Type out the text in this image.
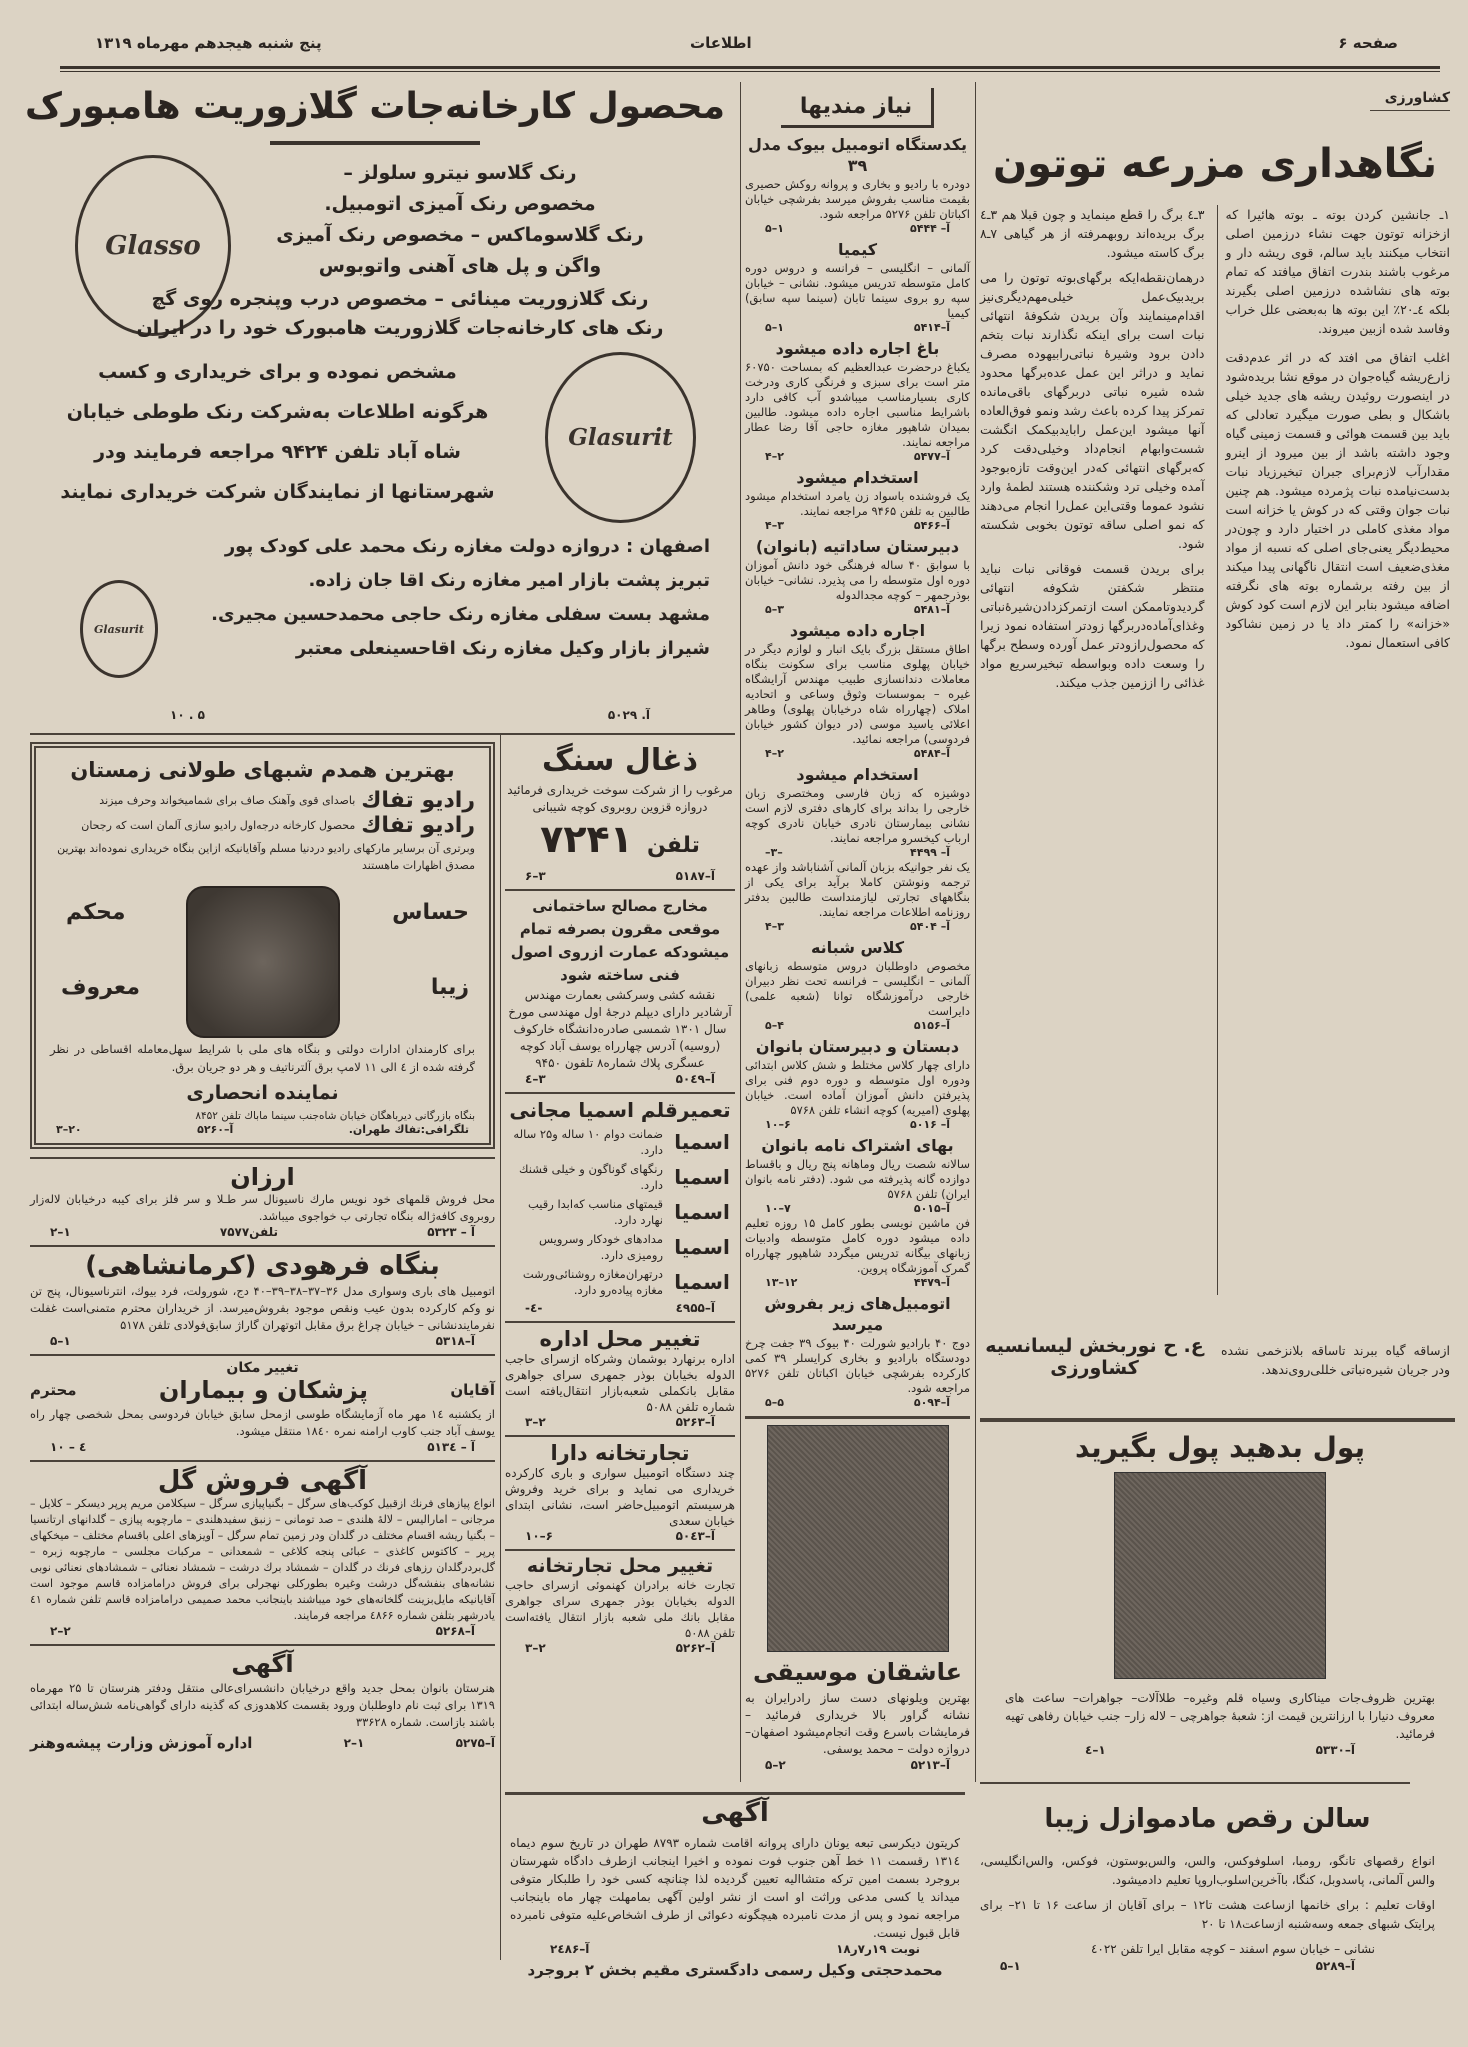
صفحه ۶
اطلاعات
پنج شنبه هیجدهم مهرماه ۱۳۱۹
کشاورزی
نگاهداری مزرعه توتون

۱ـ جانشین کردن بوته ـ بوته هائیرا که ازخزانه توتون جهت نشاء درزمین اصلی انتخاب میکنند باید سالم، قوی ریشه دار و مرغوب باشند بندرت اتفاق میافتد که تمام بوته های نشاشده درزمین اصلی بگیرند بلکه ٤ـ۲۰٪ این بوته ها به‌بعضی علل خراب وفاسد شده ازبین میروند.

اغلب اتفاق می افتد که در اثر عدم‌دقت زارع‌ریشه گیاه‌جوان در موقع نشا بریده‌شود در اینصورت روئیدن ریشه های جدید خیلی باشکال و بطی صورت میگیرد تعادلی که باید بین قسمت هوائی و قسمت زمینی گیاه وجود داشته باشد از بین میرود از اینرو مقدارآب لازم‌برای جبران تبخیرزیاد نبات بدست‌نیامده نبات پژمرده میشود. هم چنین نبات جوان وقتی که در کوش یا خزانه است مواد مغذی کاملی در اختیار دارد و چون‌در محیط‌دیگر یعنی‌جای اصلی که نسبه از مواد مغذی‌ضعیف است انتقال ناگهانی پیدا میکند از بین رفته برشماره بوته های نگرفته اضافه میشود بنابر این لازم است کود کوش «خزانه» را کمتر داد یا در زمین نشاکود کافی استعمال نمود.

۳ـ٤ برگ را قطع مینماید و چون قبلا هم ۳ـ٤ برگ بریده‌اند روبهمرفته از هر گیاهی ۷ـ۸ برگ کاسته میشود.

درهمان‌نقطه‌ایکه برگهای‌بوته توتون را می بریدبیک‌عمل خیلی‌مهم‌دیگری‌نیز اقدام‌مینمایند وآن بریدن شکوفهٔ انتهائی نبات است برای اینکه نگذارند نبات بتخم دادن برود وشیرهٔ نباتی‌رابیهوده مصرف نماید و دراثر این عمل عده‌برگها محدود شده شیره نباتی دربرگهای باقی‌مانده تمرکز پیدا کرده باعث رشد ونمو فوق‌العاده آنها میشود این‌عمل رابایدبیکمک انگشت شست‌وابهام انجام‌داد وخیلی‌دقت کرد که‌برگهای انتهائی که‌در این‌وقت تازه‌بوجود آمده وخیلی ترد وشکننده هستند لطمهٔ وارد نشود عموما وقتی‌این عمل‌را انجام می‌دهند که نمو اصلی ساقه توتون بخوبی شکسته شود.

برای بریدن قسمت فوقانی نبات نباید منتظر شکفتن شکوفه انتهائی گردیدوتاممکن است ازتمرکزدادن‌شیرهٔ‌نباتی وغذای‌آماده‌دربرگها زودتر استفاده نمود زیرا که محصول‌رازودتر عمل آورده وسطح برگها را وسعت داده وبواسطه تبخیرسریع مواد غذائی را اززمین جذب میکند.

ازساقه گیاه ببرند تاساقه بلانزخمی نشده ودر جریان شیره‌نباتی خللی‌روی‌ندهد.
ع. ح نوربخش لیسانسیه کشاورزی
پول بدهید پول بگیرید
بهترین ظروف‌جات میناکاری وسیاه قلم وغیره– طلاآلات– جواهرات– ساعت های معروف دنیارا با ارزانترین قیمت از: شعبهٔ جواهرچی – لاله زار– جنب خیابان رفاهی تهیه فرمائید.
آ–۵۳۳۰
۱–٤
سالن رقص مادموازل زیبا
انواع رقصهای تانگو، رومبا، اسلوفوکس، والس، والس‌بوستون، فوکس، والس‌انگلیسی، والس آلمانی، پاسدوبل، کنگا، باآخرین‌اسلوب‌اروپا تعلیم دادمیشود.
اوقات تعلیم : برای خانمها ازساعت هشت تا۱۲ – برای آقایان از ساعت ۱۶ تا ۲۱– برای پرایتک شبهای جمعه وسه‌شنبه ازساعت۱۸ تا ۲۰
نشانی – خیابان سوم اسفند – کوچه مقابل ایرا تلفن ٤۰۲۲
آ–۵۲۸۹
۱–۵
نیاز مندیها
یکدستگاه اتومبیل بیوک مدل ۳۹
دودره با رادیو و بخاری و پروانه روکش حصیری بقیمت مناسب بفروش میرسد بفرشچی خیابان اکباتان تلفن ۵۲۷۶ مراجعه شود.
آ– ۵۴۴۴
۱–۵
کیمیا
آلمانی – انگلیسی – فرانسه و دروس دوره کامل متوسطه تدریس میشود. نشانی – خیابان سپه رو بروی سینما تابان (سینما سپه سابق) کیمیا
آ–۵۴۱۴
۱–۵
باغ اجاره داده میشود
یکباغ درحضرت عبدالعظیم که بمساحت ۶۰۷۵۰ متر است برای سبزی و فرنگی کاری ودرخت کاری بسیارمناسب میباشدو آب کافی دارد باشرایط مناسبی اجاره داده میشود. طالبین بمیدان شاهپور مغازه حاجی آقا رضا عطار مراجعه نمایند.
آ–۵۴۷۷
۲–۴
استخدام میشود
یک فروشنده باسواد زن یامرد استخدام میشود طالبین به تلفن ۹۴۶۵ مراجعه نمایند.
آ–۵۴۶۶
۳–۴
دبیرستان ساداتیه (بانوان)
با سوابق ۴۰ ساله فرهنگی خود دانش آموزان دوره اول متوسطه را می پذیرد. نشانی– خیابان بوذرجمهر – کوچه مجدالدوله
آ–۵۴۸۱
۳–۵
اجاره داده میشود
اطاق مستقل بزرگ بایک انبار و لوازم دیگر در خیابان پهلوی مناسب برای سکونت بنگاه معاملات دندانسازی طبیب مهندس آرایشگاه غیره – بموسسات وثوق وساعی و اتحادیه املاک (چهارراه شاه درخیابان پهلوی) وطاهر اعلائی یاسید موسی (در دیوان کشور خیابان فردوسی) مراجعه نمائید.
آ–۵۴۸۴
۲–۴
استخدام میشود
دوشیزه که زبان فارسی ومختصری زبان خارجی را بداند برای کارهای دفتری لازم است نشانی بیمارستان نادری خیابان نادری کوچه ارباب کیخسرو مراجعه نمایند.
آ– ۴۴۹۹
–۳–
یک نفر جوانیکه بزبان آلمانی آشناباشد واز عهده ترجمه ونوشتن کاملا برآید برای یکی از بنگاههای تجارتی لیازمنداست طالبین بدفتر روزنامه اطلاعات مراجعه نمایند.
آ– ۵۴۰۴
۳–۴
کلاس شبانه
مخصوص داوطلبان دروس متوسطه زبانهای آلمانی – انگلیسی – فرانسه تحت نظر دبیران خارجی درآموزشگاه توانا (شعبه علمی) دایراست
آ–۵۱۵۶
۴–۵
دبستان و دبیرستان بانوان
دارای چهار کلاس مختلط و شش کلاس ابتدائی ودوره اول متوسطه و دوره دوم فنی برای پذیرفتن دانش آموزان آماده است. خیابان پهلوی (امیریه) کوچه انشاء تلفن ۵۷۶۸
آ– ۵۰۱۶
۶–۱۰
بهای اشتراک نامه بانوان
سالانه شصت ریال وماهانه پنج ریال و باقساط دوازده گانه پذیرفته می شود. (دفتر نامه بانوان ایران) تلفن ۵۷۶۸
آ–۵۰۱۵
۷–۱۰
فن ماشین نویسی بطور کامل ۱۵ روزه تعلیم داده میشود دوره کامل متوسطه وادبیات زبانهای بیگانه تدریس میگردد شاهپور چهارراه گمرک آموزشگاه پروین.
آ–۴۴۷۹
۱۲–۱۳
اتومبیل‌های زیر بفروش میرسد
دوج ۴۰ بارادیو شورلت ۴۰ بیوک ۳۹ جفت چرخ دودستگاه بارادیو و بخاری کرایسلر ۳۹ کمی کارکرده بفرشچی خیابان اکباتان تلفن ۵۲۷۶ مراجعه شود.
آ–۵۰۹۴
۵–۵
عاشقان موسیقی
بهترین ویلونهای دست ساز رادرایران به نشانه گراور بالا خریداری فرمائید – فرمایشات باسرع وقت انجام‌میشود اصفهان– دروازه دولت – محمد یوسفی.
آ–۵۲۱۳
۲–۵
آگهی
کریتون دیکرسی تبعه یونان دارای پروانه اقامت شماره ۸۷۹۳ طهران در تاریخ سوم دیماه ۱۳۱٤ رقسمت ۱۱ خط آهن جنوب فوت نموده و اخیرا اینجانب ازطرف دادگاه شهرستان بروجرد بسمت امین ترکه متشاالیه تعیین گردیده لذا چنانچه کسی خود را طلبکار متوفی میداند یا کسی مدعی وراثت او است از نشر اولین آگهی بمامهلت چهار ماه باینجانب مراجعه نمود و پس از مدت نامبرده هیچگونه دعوائی از طرف اشخاص‌علیه متوفی نامبرده قابل قبول نیست.
نوبت ۱۹ر۷ر۱۸
آ–۲٤۸۶
محمدحجتی وکیل رسمی دادگستری مقیم بخش ۲ بروجرد
محصول کارخانه‌جات گلازوریت هامبورک
Glasso
Glasurit
Glasurit
رنک گلاسو نیترو سلولز –
مخصوص رنک آمیزی اتومبیل.
رنک گلاسوماکس – مخصوص رنک آمیزی
واگن و پل های آهنی واتوبوس
رنک گلازوریت مینائی – مخصوص درب وپنجره روی گچ
رنک های کارخانه‌جات گلازوریت هامبورک خود را در ایران
مشخص نموده و برای خریداری و کسب
هرگونه اطلاعات به‌شرکت رنک طوطی خیابان
شاه آباد تلفن ۹۴۲۴ مراجعه فرمایند ودر
شهرستانها از نمایندگان شرکت خریداری نمایند
اصفهان : دروازه دولت مغازه رنک محمد علی کودک پور
تبریز پشت بازار امیر مغازه رنک اقا جان زاده.
مشهد بست سفلی مغازه رنک حاجی محمدحسین مجیری.
شیراز بازار وکیل مغازه رنک اقاحسینعلی معتبر
آ. ۵۰۲۹
۵ . ۱۰
بهترین همدم شبهای طولانی زمستان
رادیو تفاك
باصدای قوی وآهنک صاف برای شمامیخواند وحرف میزند
رادیو تفاك
محصول کارخانه درجه‌اول رادیو سازی آلمان است که رجحان
وبرتری آن برسایر مارکهای رادیو دردنیا مسلم وآقایانیکه ازاین بنگاه خریداری نموده‌اند بهترین مصدق اظهارات ماهستند
حساس
زیبا
محکم
معروف
برای کارمندان ادارات دولتی و بنگاه های ملی با شرایط سهل‌معامله اقساطی در نظر گرفته شده از ٤ الی ۱۱ لامپ برق آلترناتیف و هر دو جریان برق.
نماینده انحصاری
بنگاه بازرگانی دیرباهگان خیابان شاه‌جنب سینما ماباك تلفن ۸۴۵۲
تلگرافی:تفاك طهران.
آ–۵۲۶۰
۲۰–۳
ارزان
محل فروش قلمهای خود نویس مارك ناسیونال سر طـلا و سر فلز برای کیبه درخیابان لاله‌زار روبروی کافه‌ژاله بنگاه تجارتی ب خواجوی میباشد.
آ – ۵۳۲۳
تلفن۷۵۷۷
۱–۲
بنگاه فرهودی (کرمانشاهی)
اتومبیل های باری وسواری مدل ۳۶–۳۷–۳۸–۳۹–۴۰ دج، شورولت، فرد بیوك، انترناسیونال، پنج تن نو وکم کارکرده بدون عیب ونقص موجود بفروش‌میرسد. از خریداران محترم متمنی‌است غفلت نفرمایندنشانی – خیابان چراغ برق مقابل اتوتهران گاراژ سابق‌فولادی تلفن ۵۱۷۸
آ–۵۳۱۸
۱–۵
تغییر مکان
آقایان
پزشکان و بیماران
محترم
از یکشنبه ۱٤ مهر ماه آزمایشگاه طوسی ازمحل سابق خیابان فردوسی بمحل شخصی چهار راه یوسف آباد جنب کاوب ارامنه نمره ۱۸٤۰ منتقل میشود.
آ – ۵۱۳٤
٤ – ۱۰
آگهی فروش گل
انواع پیازهای فرنك ازقبیل کوکب‌های سرگل – بگنیاپیازی سرگل – سیکلامن مریم پرپر دیسکر – کلایل – مرجانی – امارالیس – لالهٔ هلندی – صد تومانی – زنبق سفیدهلندی – مارچوبه پیازی – گلدانهای ارتانسیا – بگنیا ریشه اقسام مختلف در گلدان ودر زمین تمام سرگل – آویزهای اعلی باقسام مختلف – میخکهای پرپر – کاکتوس کاغذی – عبائی پنجه کلاغی – شمعدانی – مرکبات مجلسی – مارچوبه زبره – گل‌بردرگلدان رزهای فرنك در گلدان – شمشاد برك درشت – شمشاد نعنائی – شمشادهای نعنائی نوبی نشانه‌های بنفشه‌گل درشت وغیره بطورکلی نهجرلی برای فروش درامامزاده قاسم موجود است آقایانیکه مایل‌بزینت گلخانه‌های خود میباشند باینجانب محمد صمیمی درامامزاده قاسم تلفن شماره ٤۱ یادرشهر بتلفن شماره ٤۸۶۶ مراجعه فرمایند.
آ–۵۲۶۸
۲–۲
آگهی
هنرستان بانوان بمحل جدید واقع درخیابان دانشسرای‌عالی منتقل ودفتر هنرستان تا ۲۵ مهرماه ۱۳۱۹ برای ثبت نام داوطلبان ورود بقسمت کلاهدوزی که گذینه دارای گواهی‌نامه شش‌ساله ابتدائی باشند بازاست. شماره ۳۳۶۲۸
آ–۵۲۷۵
۱–۲
اداره آموزش وزارت پیشه‌وهنر
ذغال سنگ
مرغوب را از شرکت سوخت خریداری فرمائید دروازه قزوین روبروی کوچه شیبانی
تلفن
۷۲۴۱
آ–۵۱۸۷
۳–۶
مخارج مصالح ساختمانی موقعی مقرون بصرفه تمام میشودکه عمارت ازروی اصول فنی ساخته شود
نقشه کشی وسرکشی بعمارت مهندس آرشادیر دارای دیپلم درجهٔ اول مهندسی مورخ سال ۱۳۰۱ شمسی صادره‌دانشگاه خارکوف (روسیه) آدرس چهارراه یوسف آباد کوچه عسگری پلاك شماره۸ تلفون ۹۴۵۰
آ–۵۰٤۹
۳–٤
تعمیرقلم اسمیا مجانی
اسمیا
ضمانت دوام ۱۰ ساله و۲۵ ساله دارد.
اسمیا
رنگهای گوناگون و خیلی قشنك دارد.
اسمیا
قیمتهای مناسب که‌ابدا رقیب نهارد دارد.
اسمیا
مدادهای خودکار وسرویس رومیزی دارد.
اسمیا
درتهران‌مغازه روشنائی‌ورشت مغازه پیاده‌رو دارد.
آ–٤۹۵۵
-٤-
تغییر محل اداره
اداره برنهارد بوشمان وشرکاه ازسرای حاجب الدوله بخیابان بوذر جمهری سرای جواهری مقابل بانکملی شعبه‌بازار انتقال‌یافته است شماره تلفن ۵۰۸۸
آ–۵۲۶۳
۲–۳
تجارتخانه دارا
چند دستگاه اتومبیل سواری و باری کارکرده خریداری می نماید و برای خرید وفروش هرسیستم اتومبیل‌حاضر است، نشانی ابتدای خیابان سعدی
آ–۵۰٤۳
۶–۱۰
تغییر محل تجارتخانه
تجارت خانه برادران کهنموئی ازسرای حاجب الدوله بخیابان بوذر جمهری سرای جواهری مقابل بانك ملی شعبه بازار انتقال یافته‌است تلفن ۵۰۸۸
آ–۵۲۶۲
۲–۳
